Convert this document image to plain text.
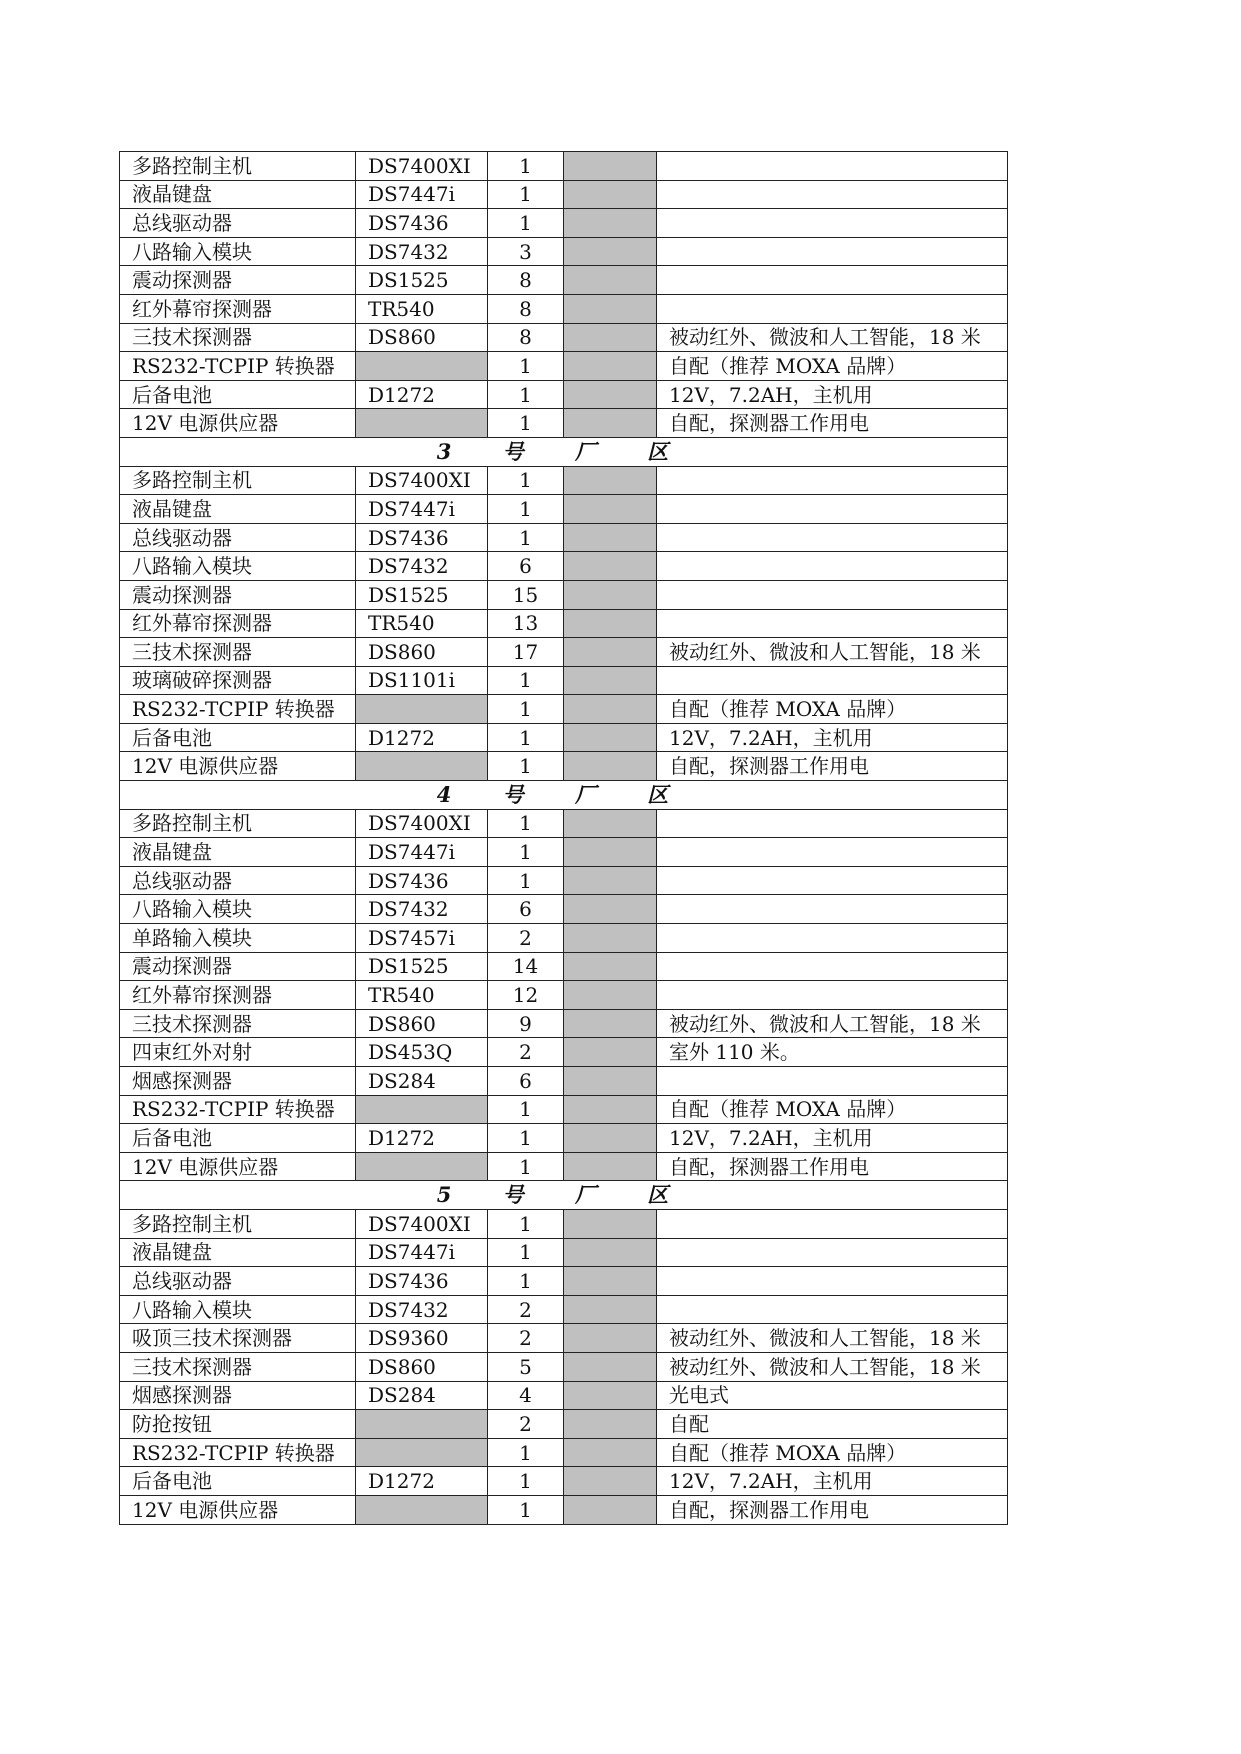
多路控制主机	DS7400XI	1		
液晶键盘	DS7447i	1		
总线驱动器	DS7436	1		
八路输入模块	DS7432	3		
震动探测器	DS1525	8		
红外幕帘探测器	TR540	8		
三技术探测器	DS860	8		被动红外、微波和人工智能，18 米
RS232-TCPIP 转换器		1		自配（推荐 MOXA 品牌）
后备电池	D1272	1		12V，7.2AH，主机用
12V 电源供应器		1		自配，探测器工作用电
3 号 厂 区				
多路控制主机	DS7400XI	1		
液晶键盘	DS7447i	1		
总线驱动器	DS7436	1		
八路输入模块	DS7432	6		
震动探测器	DS1525	15		
红外幕帘探测器	TR540	13		
三技术探测器	DS860	17		被动红外、微波和人工智能，18 米
玻璃破碎探测器	DS1101i	1		
RS232-TCPIP 转换器		1		自配（推荐 MOXA 品牌）
后备电池	D1272	1		12V，7.2AH，主机用
12V 电源供应器		1		自配，探测器工作用电
4 号 厂 区				
多路控制主机	DS7400XI	1		
液晶键盘	DS7447i	1		
总线驱动器	DS7436	1		
八路输入模块	DS7432	6		
单路输入模块	DS7457i	2		
震动探测器	DS1525	14		
红外幕帘探测器	TR540	12		
三技术探测器	DS860	9		被动红外、微波和人工智能，18 米
四束红外对射	DS453Q	2		室外 110 米。
烟感探测器	DS284	6		
RS232-TCPIP 转换器		1		自配（推荐 MOXA 品牌）
后备电池	D1272	1		12V，7.2AH，主机用
12V 电源供应器		1		自配，探测器工作用电
5 号 厂 区				
多路控制主机	DS7400XI	1		
液晶键盘	DS7447i	1		
总线驱动器	DS7436	1		
八路输入模块	DS7432	2		
吸顶三技术探测器	DS9360	2		被动红外、微波和人工智能，18 米
三技术探测器	DS860	5		被动红外、微波和人工智能，18 米
烟感探测器	DS284	4		光电式
防抢按钮		2		自配
RS232-TCPIP 转换器		1		自配（推荐 MOXA 品牌）
后备电池	D1272	1		12V，7.2AH，主机用
12V 电源供应器		1		自配，探测器工作用电
